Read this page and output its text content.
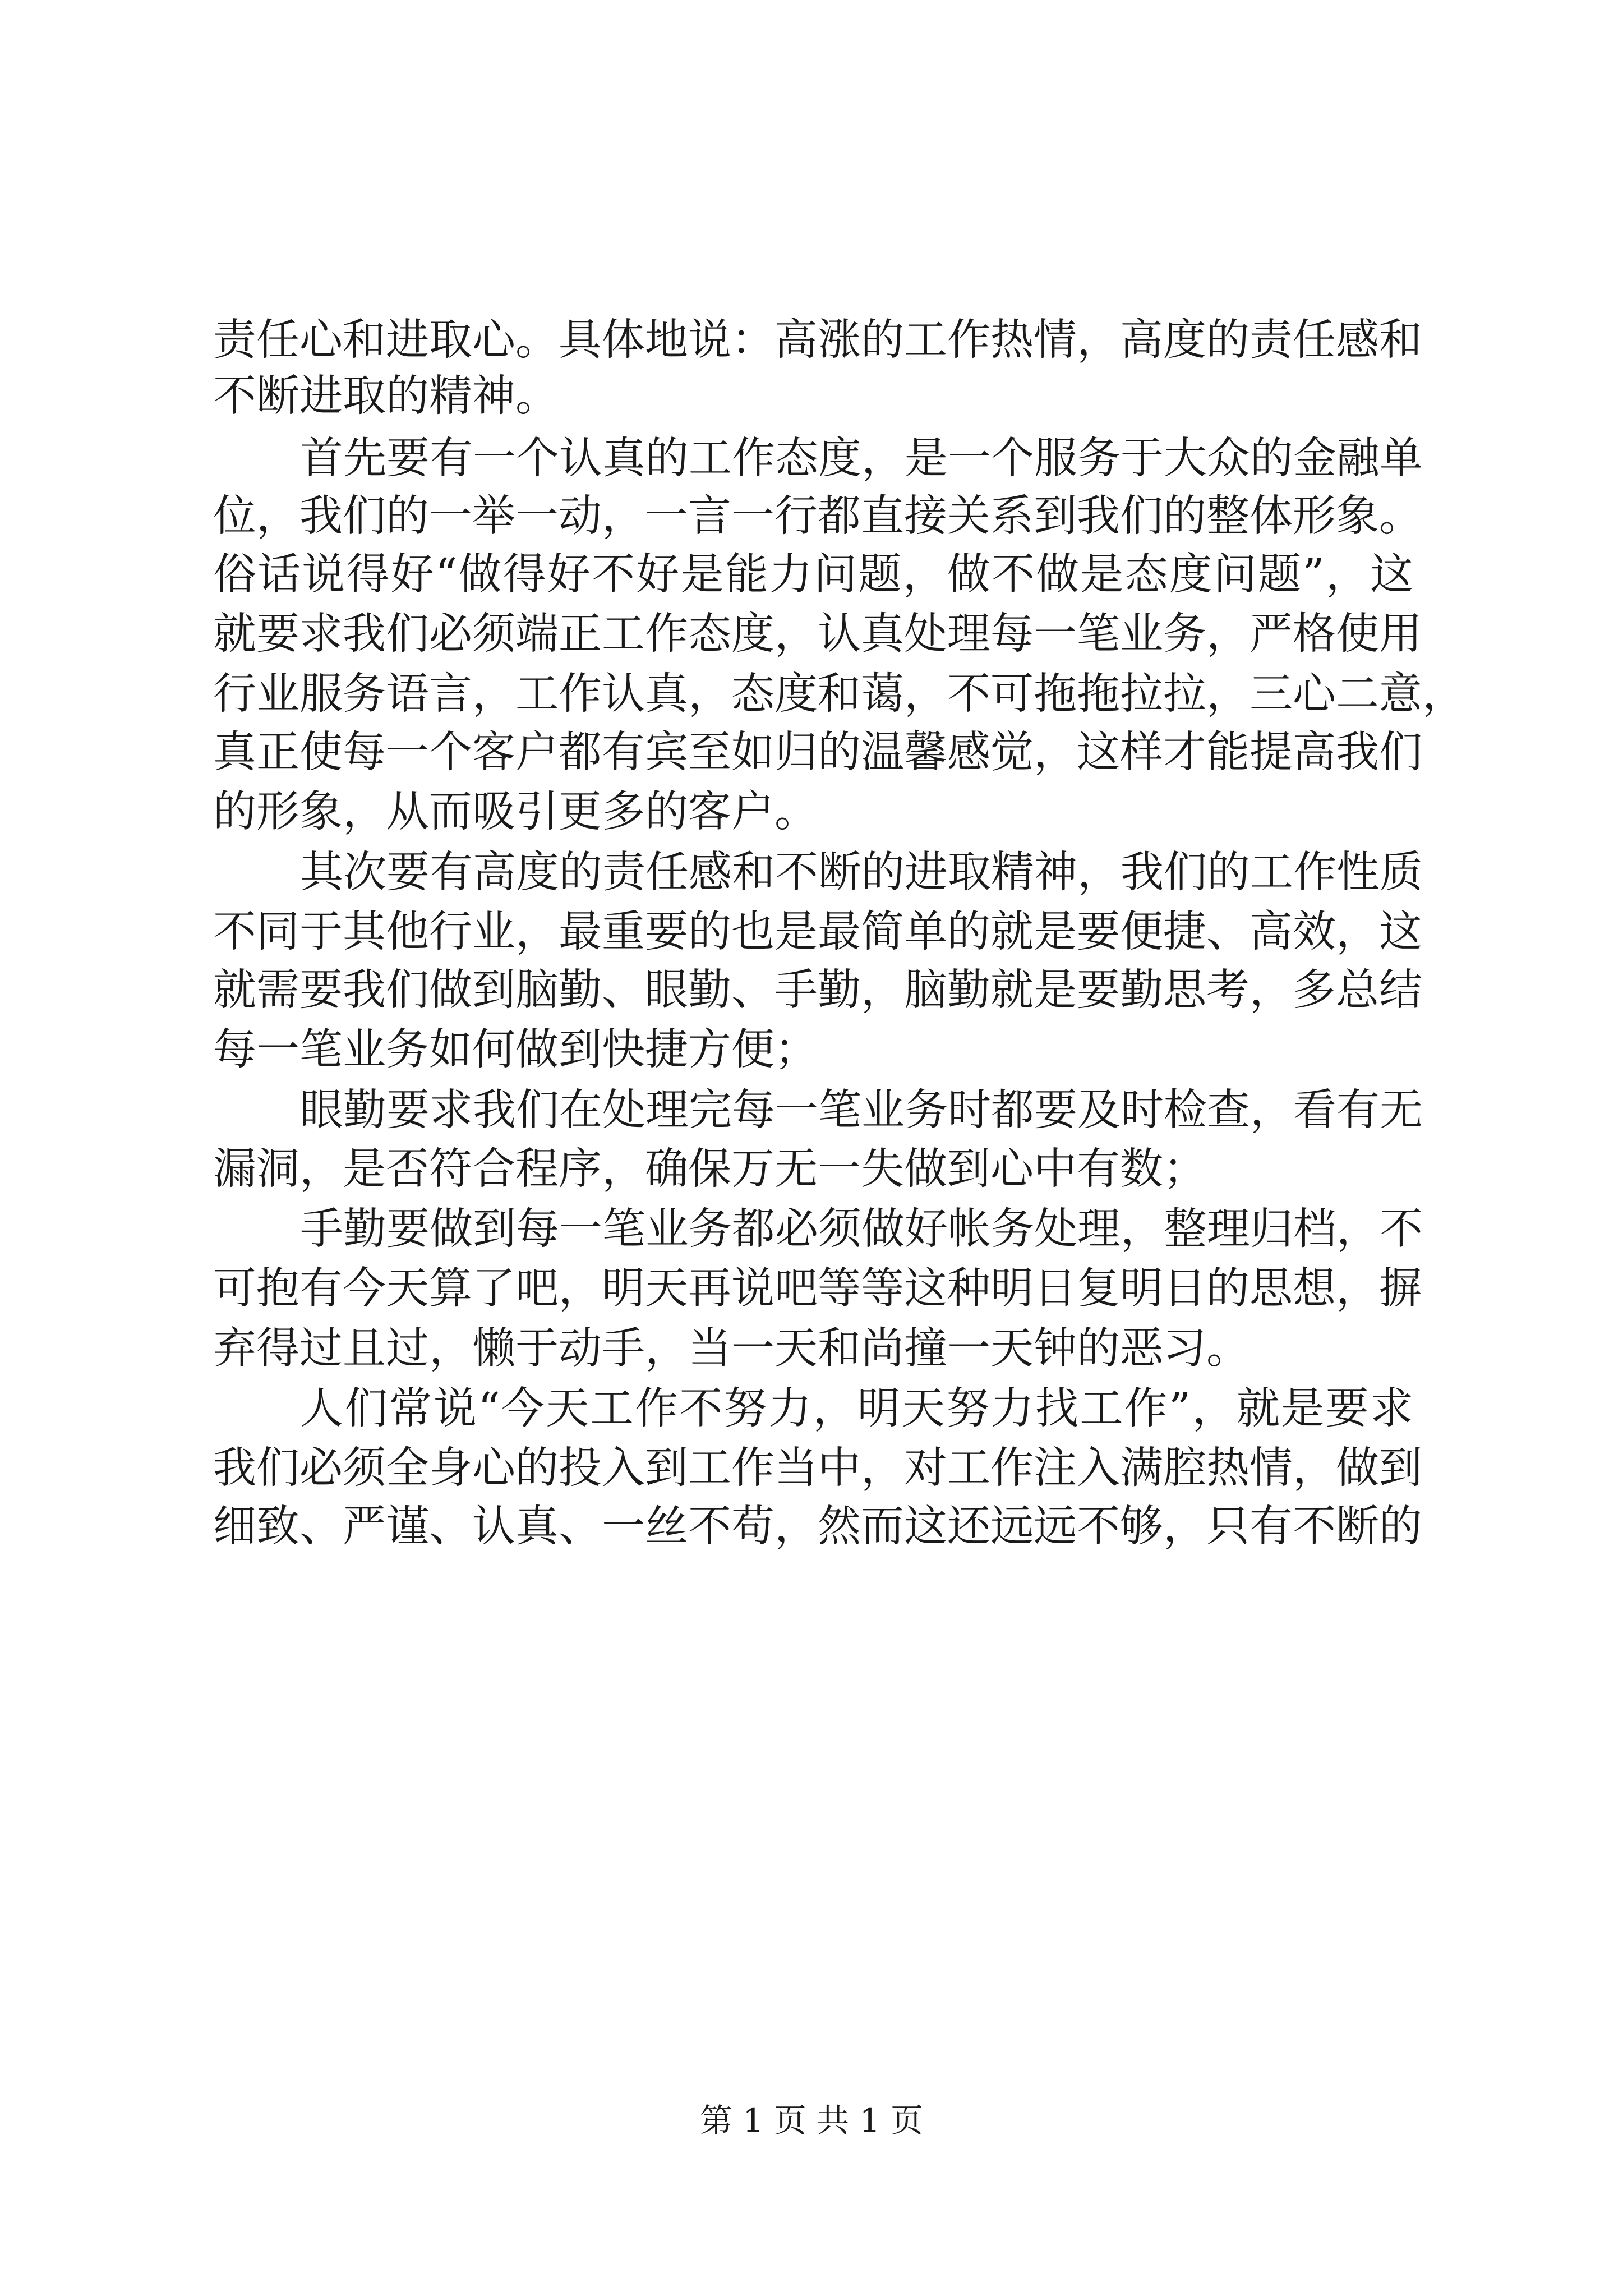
责任心和进取心。具体地说：高涨的工作热情，高度的责任感和
不断进取的精神。
首先要有一个认真的工作态度，是一个服务于大众的金融单
位，我们的一举一动，一言一行都直接关系到我们的整体形象。
俗话说得好“做得好不好是能力问题，做不做是态度问题”，这
就要求我们必须端正工作态度，认真处理每一笔业务，严格使用
行业服务语言，工作认真，态度和蔼，不可拖拖拉拉，三心二意，
真正使每一个客户都有宾至如归的温馨感觉，这样才能提高我们
的形象，从而吸引更多的客户。
其次要有高度的责任感和不断的进取精神，我们的工作性质
不同于其他行业，最重要的也是最简单的就是要便捷、高效，这
就需要我们做到脑勤、眼勤、手勤，脑勤就是要勤思考，多总结
每一笔业务如何做到快捷方便；
眼勤要求我们在处理完每一笔业务时都要及时检查，看有无
漏洞，是否符合程序，确保万无一失做到心中有数；
手勤要做到每一笔业务都必须做好帐务处理，整理归档，不
可抱有今天算了吧，明天再说吧等等这种明日复明日的思想，摒
弃得过且过，懒于动手，当一天和尚撞一天钟的恶习。
人们常说“今天工作不努力，明天努力找工作”，就是要求
我们必须全身心的投入到工作当中，对工作注入满腔热情，做到
细致、严谨、认真、一丝不苟，然而这还远远不够，只有不断的
第 1 页 共 1 页
